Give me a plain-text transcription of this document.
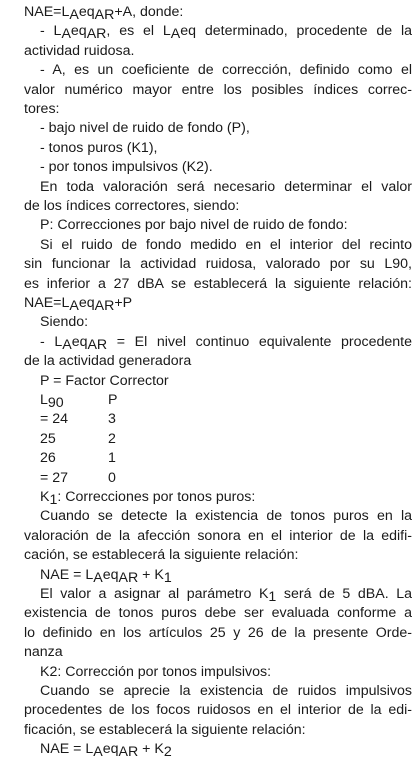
$NAE=L_Aeq_{AR}+A$, donde:
- $L_Aeq_{AR}$, es el $L_Aeq$ determinado, procedente de la
actividad ruidosa.
- A, es un coeficiente de corrección, definido como el
valor numérico mayor entre los posibles índices correc-
tores:
- bajo nivel de ruido de fondo (P),
- tonos puros (K1),
- por tonos impulsivos (K2).
En toda valoración será necesario determinar el valor
de los índices correctores, siendo:
P: Correcciones por bajo nivel de ruido de fondo:
Si el ruido de fondo medido en el interior del recinto
sin funcionar la actividad ruidosa, valorado por su L90,
es inferior a 27 dBA se establecerá la siguiente relación:
$NAE=L_Aeq_{AR}+P$
Siendo:
- $L_Aeq_{AR} = El$ nivel continuo equivalente procedente
de la actividad generadora
P = Factor Corrector
$L_{90}$	P
= 24	3
25	2
26	1
= 27	0
$K_1$: Correcciones por tonos puros:
Cuando se detecte la existencia de tonos puros en la
valoración de la afección sonora en el interior de la edifi-
cación, se establecerá la siguiente relación:
NAE = $L_Aeq_{AR} + K_1$
El valor a asignar al parámetro $K_1$ será de 5 dBA. La
existencia de tonos puros debe ser evaluada conforme a
lo definido en los artículos 25 y 26 de la presente Orde-
nanza
K2: Corrección por tonos impulsivos:
Cuando se aprecie la existencia de ruidos impulsivos
procedentes de los focos ruidosos en el interior de la edi-
ficación, se establecerá la siguiente relación:
NAE = $L_Aeq_{AR} + K_2$
